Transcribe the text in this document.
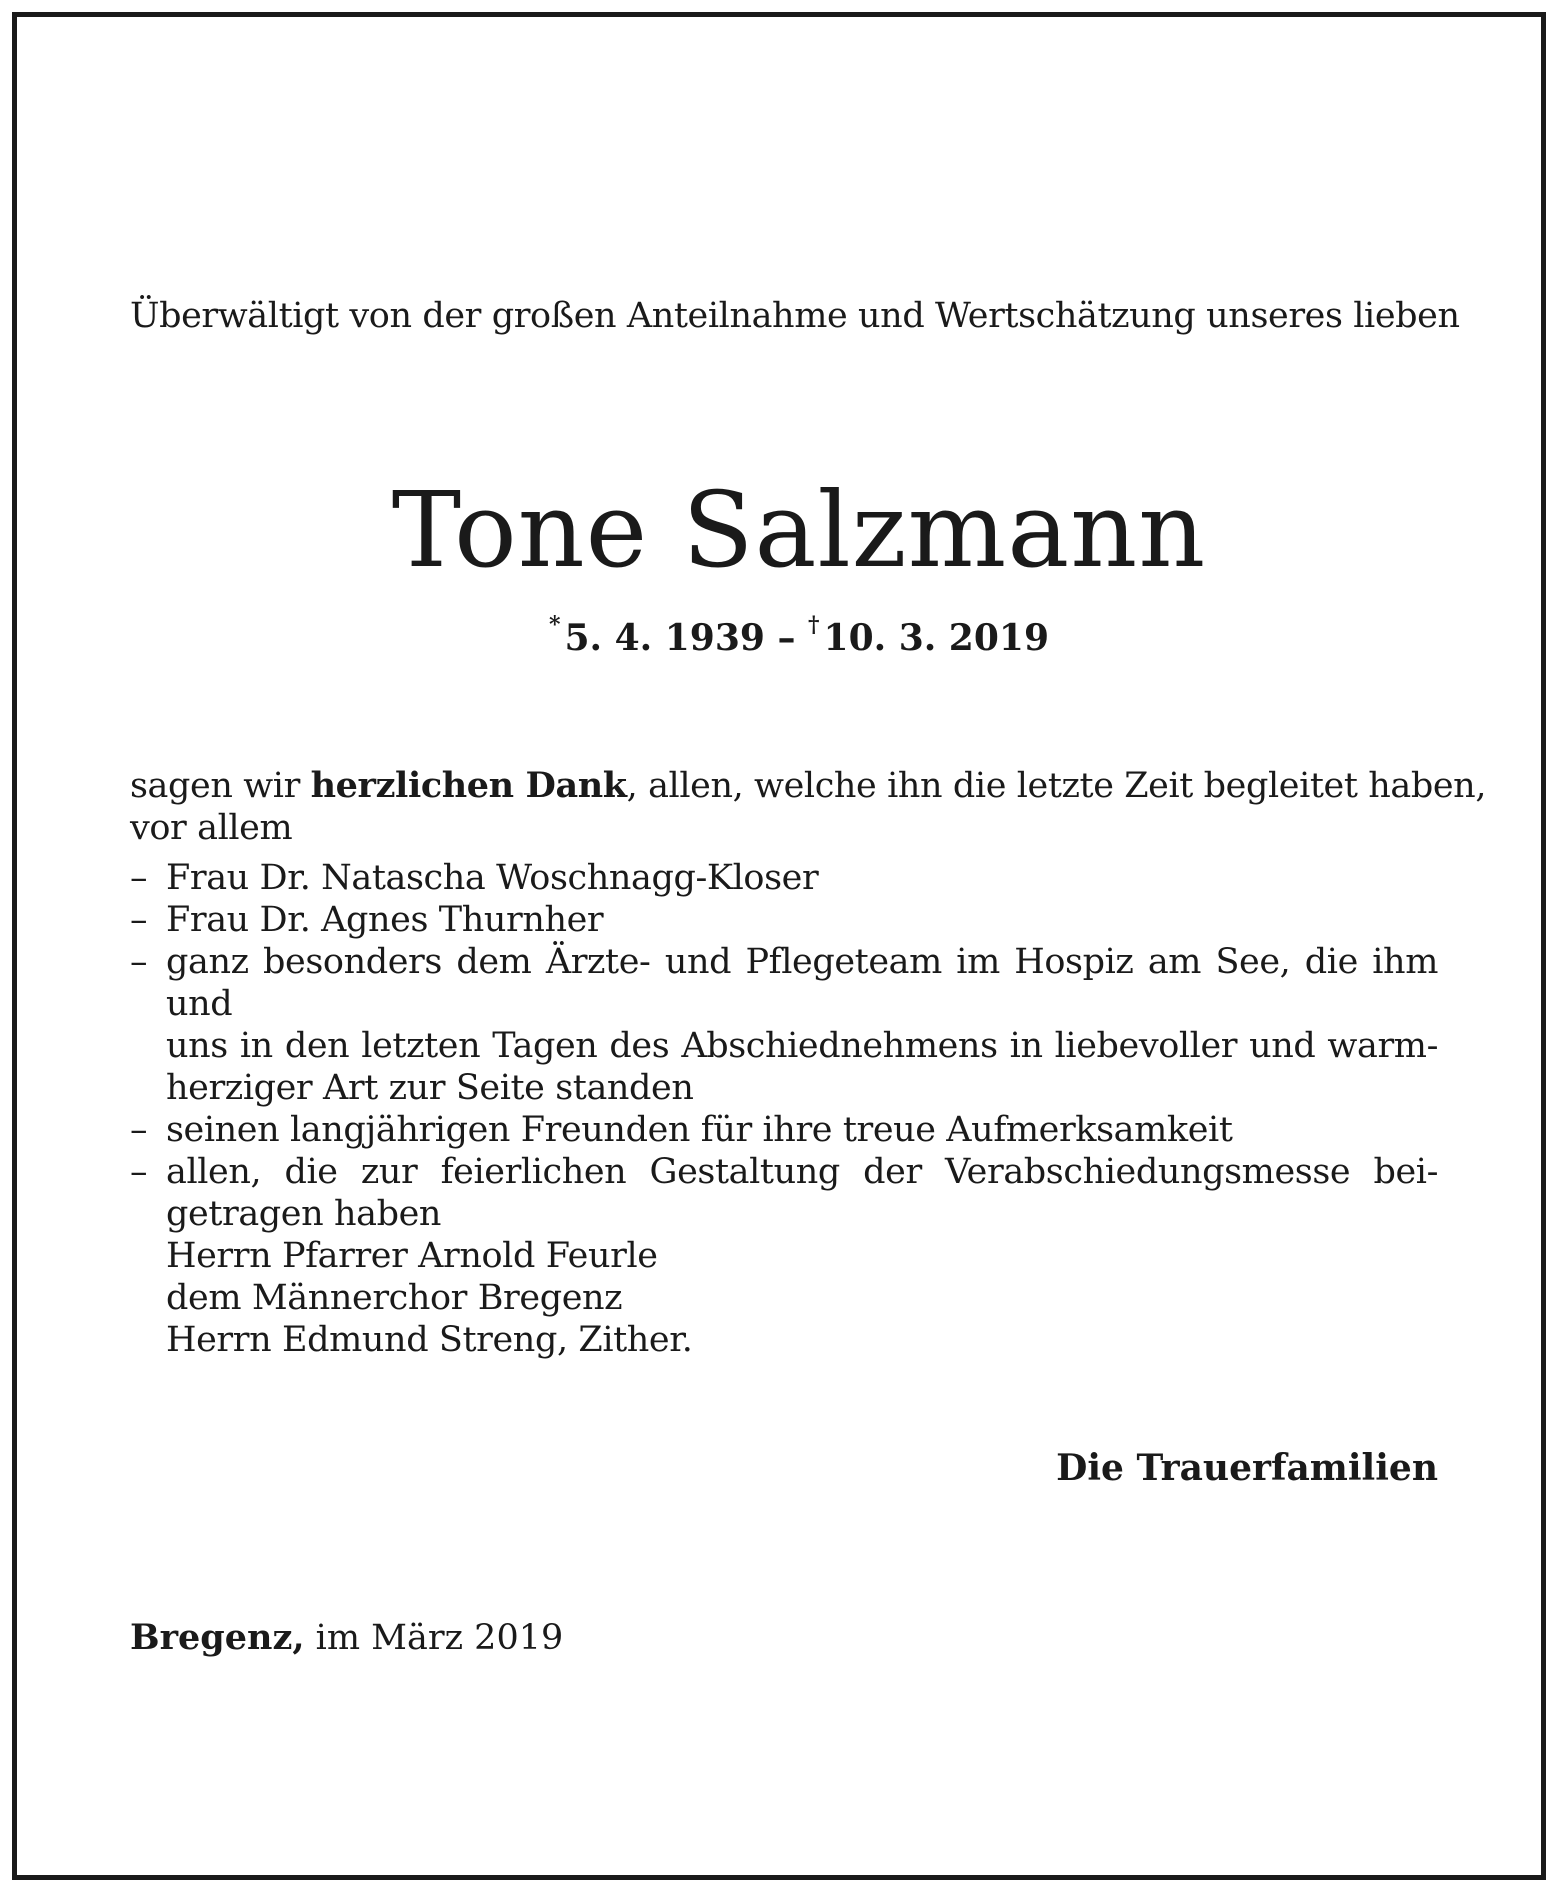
Überwältigt von der großen Anteilnahme und Wertschätzung unseres lieben
Tone Salzmann
* 5. 4. 1939 – † 10. 3. 2019
sagen wir herzlichen Dank, allen, welche ihn die letzte Zeit begleitet haben,
vor allem
– Frau Dr. Natascha Woschnagg-Kloser
– Frau Dr. Agnes Thurnher
– ganz besonders dem Ärzte- und Pflegeteam im Hospiz am See, die ihm und
uns in den letzten Tagen des Abschiednehmens in liebevoller und warm-
herziger Art zur Seite standen
– seinen langjährigen Freunden für ihre treue Aufmerksamkeit
– allen, die zur feierlichen Gestaltung der Verabschiedungsmesse bei-
getragen haben
Herrn Pfarrer Arnold Feurle
dem Männerchor Bregenz
Herrn Edmund Streng, Zither.
Die Trauerfamilien
Bregenz, im März 2019
